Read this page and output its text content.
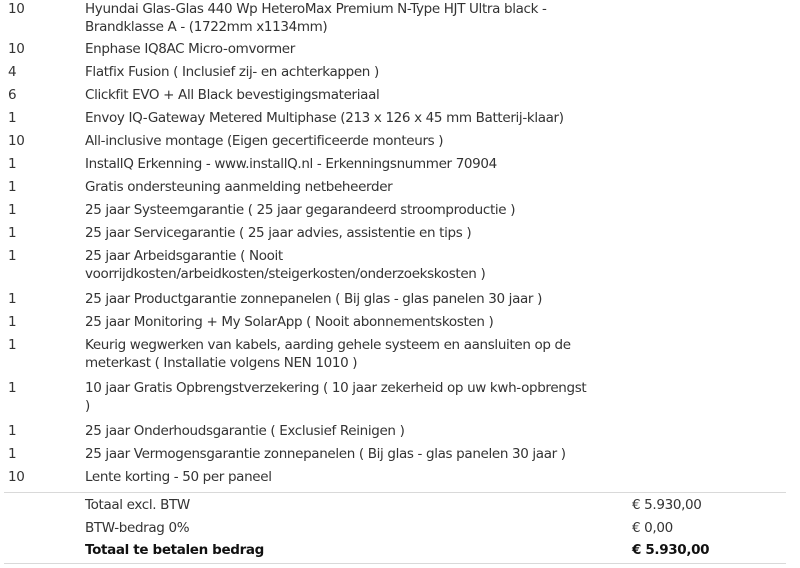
10	Hyundai Glas-Glas 440 Wp HeteroMax Premium N-Type HJT Ultra black - Brandklasse A - (1722mm x1134mm)
10	Enphase IQ8AC Micro-omvormer
4	Flatfix Fusion ( Inclusief zij- en achterkappen )
6	Clickfit EVO + All Black bevestigingsmateriaal
1	Envoy IQ-Gateway Metered Multiphase (213 x 126 x 45 mm Batterij-klaar)
10	All-inclusive montage (Eigen gecertificeerde monteurs )
1	InstallQ Erkenning - www.installQ.nl - Erkenningsnummer 70904
1	Gratis ondersteuning aanmelding netbeheerder
1	25 jaar Systeemgarantie ( 25 jaar gegarandeerd stroomproductie )
1	25 jaar Servicegarantie ( 25 jaar advies, assistentie en tips )
1	25 jaar Arbeidsgarantie ( Nooit voorrijdkosten/arbeidkosten/steigerkosten/onderzoekskosten )
1	25 jaar Productgarantie zonnepanelen ( Bij glas - glas panelen 30 jaar )
1	25 jaar Monitoring + My SolarApp ( Nooit abonnementskosten )
1	Keurig wegwerken van kabels, aarding gehele systeem en aansluiten op de meterkast ( Installatie volgens NEN 1010 )
1	10 jaar Gratis Opbrengstverzekering ( 10 jaar zekerheid op uw kwh-opbrengst )
1	25 jaar Onderhoudsgarantie ( Exclusief Reinigen )
1	25 jaar Vermogensgarantie zonnepanelen ( Bij glas - glas panelen 30 jaar )
10	Lente korting - 50 per paneel
Totaal excl. BTW	€ 5.930,00
BTW-bedrag 0%	€ 0,00
Totaal te betalen bedrag	€ 5.930,00
